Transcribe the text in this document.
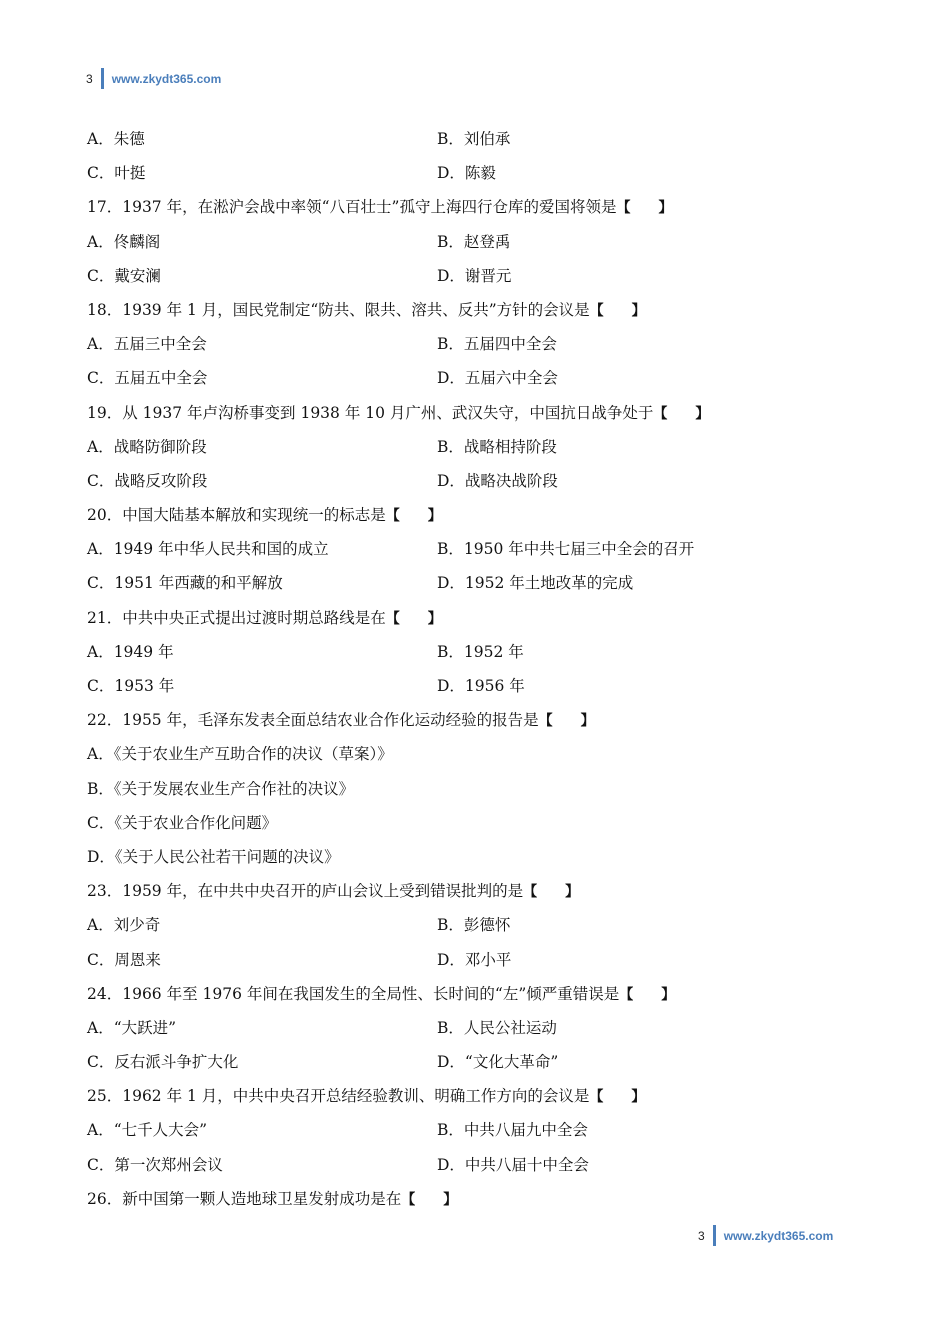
3 www.zkydt365.com
A．朱德	B．刘伯承
C．叶挺	D．陈毅
17．1937 年，在淞沪会战中率领“八百壮士”孤守上海四行仓库的爱国将领是【　　】
A．佟麟阁	B．赵登禹
C．戴安澜	D．谢晋元
18．1939 年 1 月，国民党制定“防共、限共、溶共、反共”方针的会议是【　　】
A．五届三中全会	B．五届四中全会
C．五届五中全会	D．五届六中全会
19．从 1937 年卢沟桥事变到 1938 年 10 月广州、武汉失守，中国抗日战争处于【　　】
A．战略防御阶段	B．战略相持阶段
C．战略反攻阶段	D．战略决战阶段
20．中国大陆基本解放和实现统一的标志是【　　】
A．1949 年中华人民共和国的成立	B．1950 年中共七届三中全会的召开
C．1951 年西藏的和平解放	D．1952 年土地改革的完成
21．中共中央正式提出过渡时期总路线是在【　　】
A．1949 年	B．1952 年
C．1953 年	D．1956 年
22．1955 年，毛泽东发表全面总结农业合作化运动经验的报告是【　　】
A．《关于农业生产互助合作的决议（草案）》
B．《关于发展农业生产合作社的决议》
C．《关于农业合作化问题》
D．《关于人民公社若干问题的决议》
23．1959 年，在中共中央召开的庐山会议上受到错误批判的是【　　】
A．刘少奇	B．彭德怀
C．周恩来	D．邓小平
24．1966 年至 1976 年间在我国发生的全局性、长时间的“左”倾严重错误是【　　】
A．“大跃进”	B．人民公社运动
C．反右派斗争扩大化	D．“文化大革命”
25．1962 年 1 月，中共中央召开总结经验教训、明确工作方向的会议是【　　】
A．“七千人大会”	B．中共八届九中全会
C．第一次郑州会议	D．中共八届十中全会
26．新中国第一颗人造地球卫星发射成功是在【　　】
3 www.zkydt365.com
